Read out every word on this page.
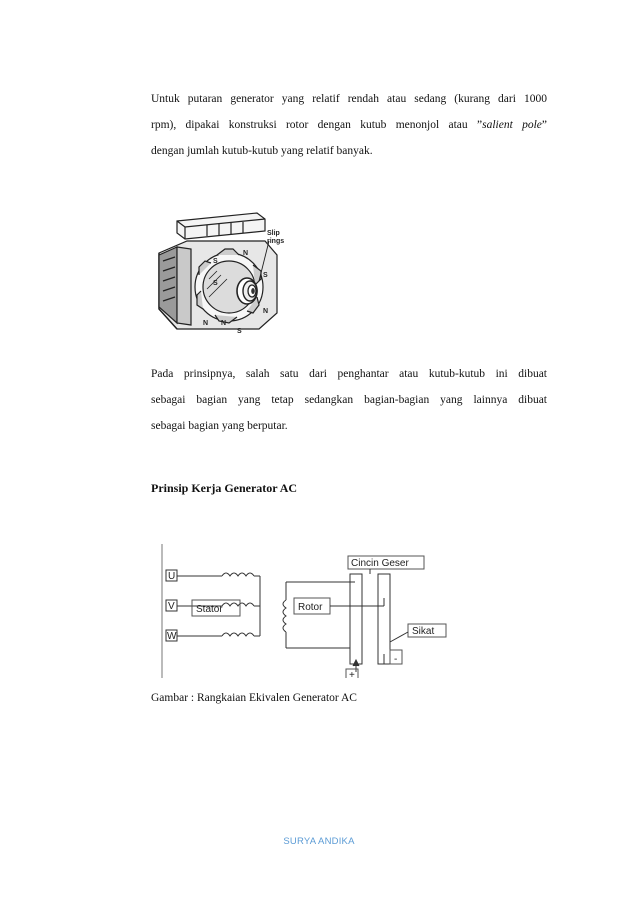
Untuk putaran generator yang relatif rendah atau sedang (kurang dari 1000
rpm), dipakai konstruksi rotor dengan kutub menonjol atau ”salient pole”
dengan jumlah kutub-kutub yang relatif banyak.
Slip
rings
S
N
S
N
N
S
N
S
Pada prinsipnya, salah satu dari penghantar atau kutub-kutub ini dibuat
sebagai bagian yang tetap sedangkan bagian-bagian yang lainnya dibuat
sebagai bagian yang berputar.

Prinsip Kerja Generator AC

U
V
W
Stator	Rotor
Cincin Geser
Sikat
+
-

Gambar : Rangkaian Ekivalen Generator AC

SURYA ANDIKA
